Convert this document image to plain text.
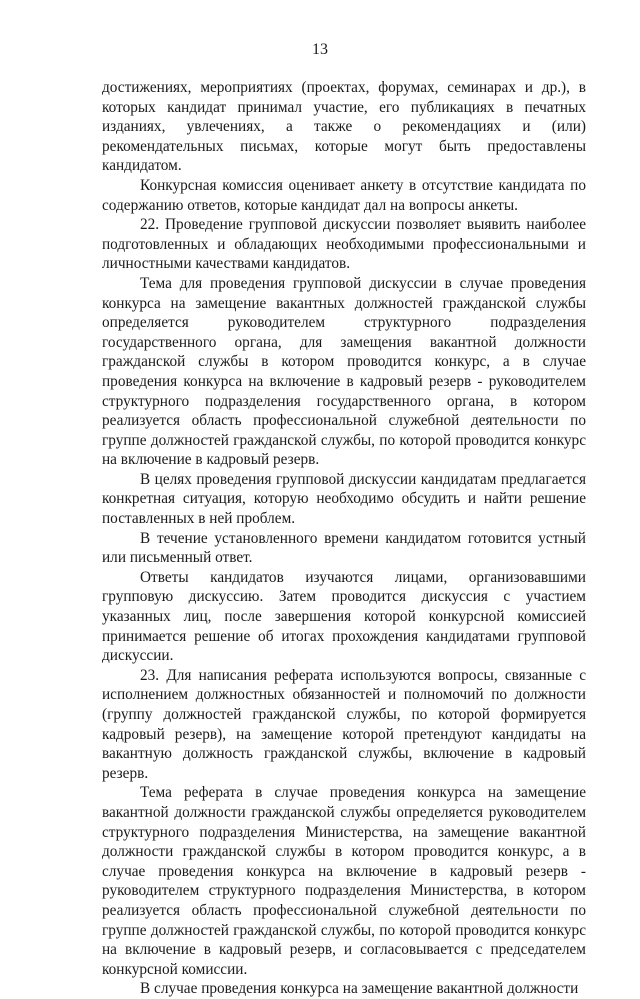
13

достижениях, мероприятиях (проектах, форумах, семинарах и др.), в которых кандидат принимал участие, его публикациях в печатных изданиях, увлечениях, а также о рекомендациях и (или) рекомендательных письмах, которые могут быть предоставлены кандидатом.

Конкурсная комиссия оценивает анкету в отсутствие кандидата по содержанию ответов, которые кандидат дал на вопросы анкеты.

22. Проведение групповой дискуссии позволяет выявить наиболее подготовленных и обладающих необходимыми профессиональными и личностными качествами кандидатов.

Тема для проведения групповой дискуссии в случае проведения конкурса на замещение вакантных должностей гражданской службы определяется руководителем структурного подразделения государственного органа, для замещения вакантной должности гражданской службы в котором проводится конкурс, а в случае проведения конкурса на включение в кадровый резерв - руководителем структурного подразделения государственного органа, в котором реализуется область профессиональной служебной деятельности по группе должностей гражданской службы, по которой проводится конкурс на включение в кадровый резерв.

В целях проведения групповой дискуссии кандидатам предлагается конкретная ситуация, которую необходимо обсудить и найти решение поставленных в ней проблем.

В течение установленного времени кандидатом готовится устный или письменный ответ.

Ответы кандидатов изучаются лицами, организовавшими групповую дискуссию. Затем проводится дискуссия с участием указанных лиц, после завершения которой конкурсной комиссией принимается решение об итогах прохождения кандидатами групповой дискуссии.

23. Для написания реферата используются вопросы, связанные с исполнением должностных обязанностей и полномочий по должности (группу должностей гражданской службы, по которой формируется кадровый резерв), на замещение которой претендуют кандидаты на вакантную должность гражданской службы, включение в кадровый резерв.

Тема реферата в случае проведения конкурса на замещение вакантной должности гражданской службы определяется руководителем структурного подразделения Министерства, на замещение вакантной должности гражданской службы в котором проводится конкурс, а в случае проведения конкурса на включение в кадровый резерв - руководителем структурного подразделения Министерства, в котором реализуется область профессиональной служебной деятельности по группе должностей гражданской службы, по которой проводится конкурс на включение в кадровый резерв, и согласовывается с председателем конкурсной комиссии.

В случае проведения конкурса на замещение вакантной должности
